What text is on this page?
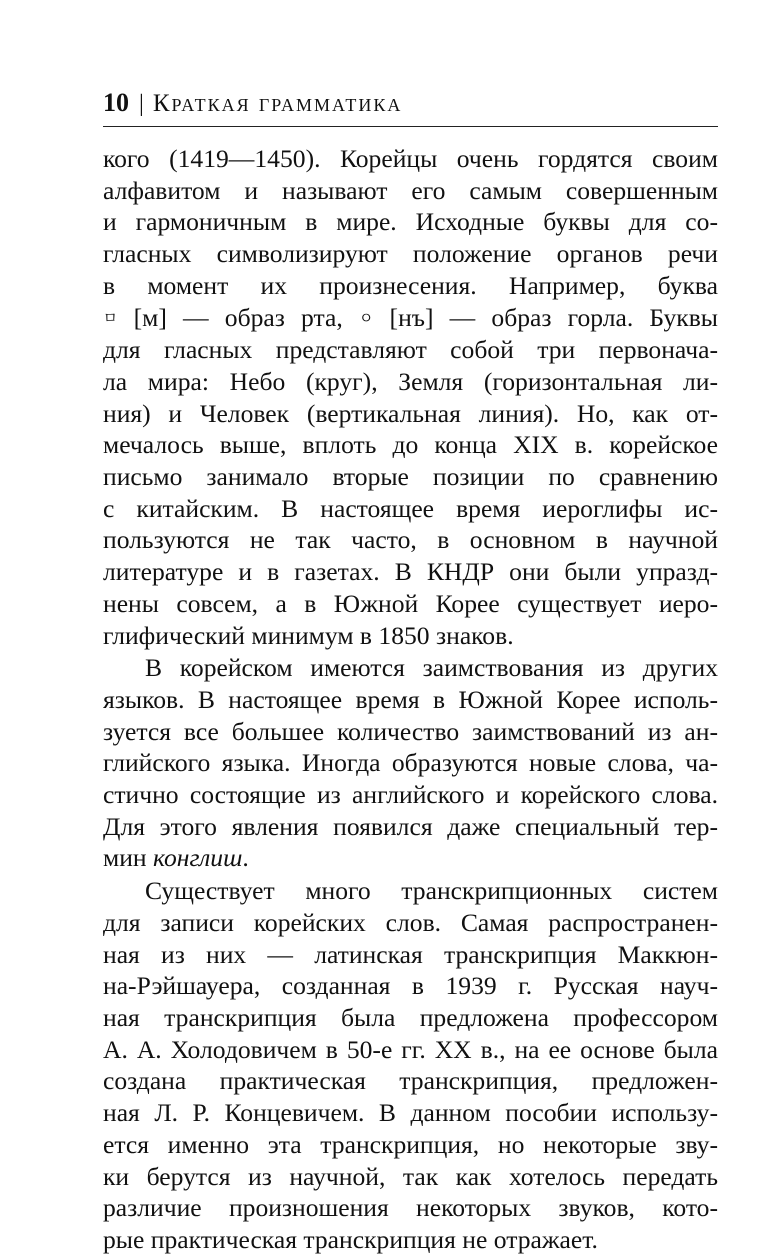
10 | Краткая грамматика
кого (1419—1450). Корейцы очень гордятся своим
алфавитом и называют его самым совершенным
и гармоничным в мире. Исходные буквы для со-
гласных символизируют положение органов речи
в момент их произнесения. Например, буква
ㅁ [м] — образ рта, ㅇ [нъ] — образ горла. Буквы
для гласных представляют собой три первонача-
ла мира: Небо (круг), Земля (горизонтальная ли-
ния) и Человек (вертикальная линия). Но, как от-
мечалось выше, вплоть до конца XIX в. корейское
письмо занимало вторые позиции по сравнению
с китайским. В настоящее время иероглифы ис-
пользуются не так часто, в основном в научной
литературе и в газетах. В КНДР они были упразд-
нены совсем, а в Южной Корее существует иеро-
глифический минимум в 1850 знаков.
В корейском имеются заимствования из других
языков. В настоящее время в Южной Корее исполь-
зуется все большее количество заимствований из ан-
глийского языка. Иногда образуются новые слова, ча-
стично состоящие из английского и корейского слова.
Для этого явления появился даже специальный тер-
мин конглиш.
Существует много транскрипционных систем
для записи корейских слов. Самая распространен-
ная из них — латинская транскрипция Маккюн-
на-Рэйшауера, созданная в 1939 г. Русская науч-
ная транскрипция была предложена профессором
А. А. Холодовичем в 50-е гг. XX в., на ее основе была
создана практическая транскрипция, предложен-
ная Л. Р. Концевичем. В данном пособии использу-
ется именно эта транскрипция, но некоторые зву-
ки берутся из научной, так как хотелось передать
различие произношения некоторых звуков, кото-
рые практическая транскрипция не отражает.
